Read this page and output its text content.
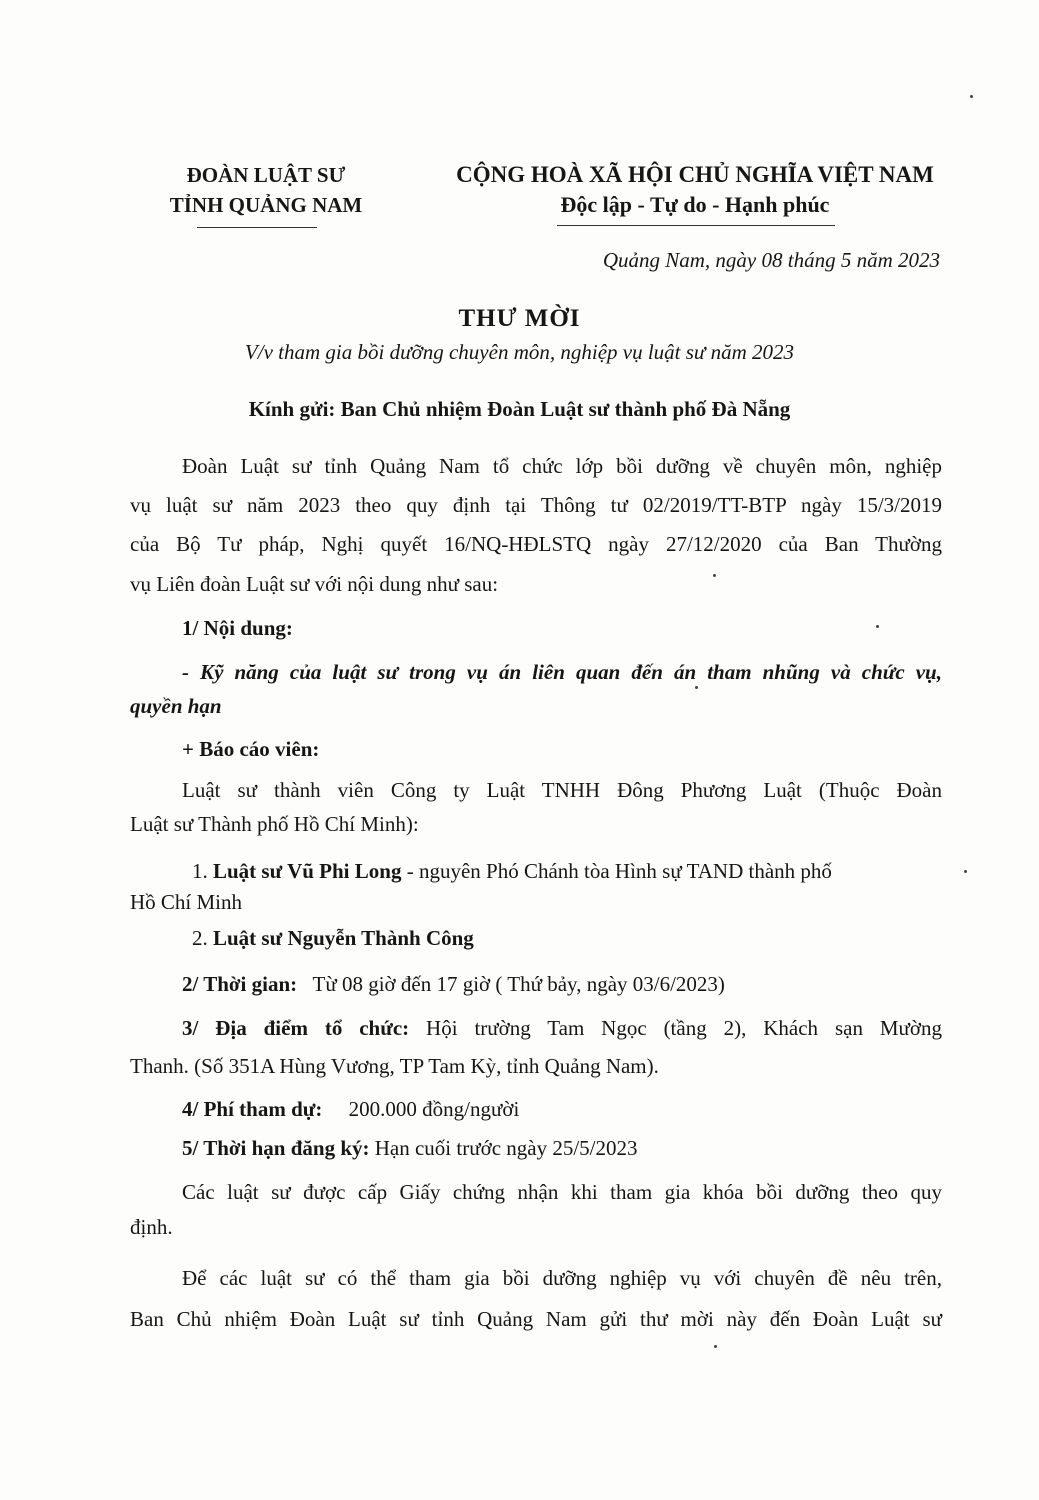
ĐOÀN LUẬT SƯ
TỈNH QUẢNG NAM
CỘNG HOÀ XÃ HỘI CHỦ NGHĨA VIỆT NAM
Độc lập - Tự do - Hạnh phúc
Quảng Nam, ngày 08 tháng 5 năm 2023
THƯ MỜI
V/v tham gia bồi dưỡng chuyên môn, nghiệp vụ luật sư năm 2023
Kính gửi: Ban Chủ nhiệm Đoàn Luật sư thành phố Đà Nẵng
Đoàn Luật sư tỉnh Quảng Nam tổ chức lớp bồi dưỡng về chuyên môn, nghiệp
vụ luật sư năm 2023 theo quy định tại Thông tư 02/2019/TT-BTP ngày 15/3/2019
của Bộ Tư pháp, Nghị quyết 16/NQ-HĐLSTQ ngày 27/12/2020 của Ban Thường
vụ Liên đoàn Luật sư với nội dung như sau:
1/ Nội dung:
- Kỹ năng của luật sư trong vụ án liên quan đến án tham nhũng và chức vụ,
quyền hạn
+ Báo cáo viên:
Luật sư thành viên Công ty Luật TNHH Đông Phương Luật (Thuộc Đoàn
Luật sư Thành phố Hồ Chí Minh):
1. Luật sư Vũ Phi Long - nguyên Phó Chánh tòa Hình sự TAND thành phố
Hồ Chí Minh
2. Luật sư Nguyễn Thành Công
2/ Thời gian: Từ 08 giờ đến 17 giờ ( Thứ bảy, ngày 03/6/2023)
3/ Địa điểm tổ chức: Hội trường Tam Ngọc (tầng 2), Khách sạn Mường
Thanh. (Số 351A Hùng Vương, TP Tam Kỳ, tỉnh Quảng Nam).
4/ Phí tham dự: 200.000 đồng/người
5/ Thời hạn đăng ký: Hạn cuối trước ngày 25/5/2023
Các luật sư được cấp Giấy chứng nhận khi tham gia khóa bồi dưỡng theo quy
định.
Để các luật sư có thể tham gia bồi dưỡng nghiệp vụ với chuyên đề nêu trên,
Ban Chủ nhiệm Đoàn Luật sư tỉnh Quảng Nam gửi thư mời này đến Đoàn Luật sư
